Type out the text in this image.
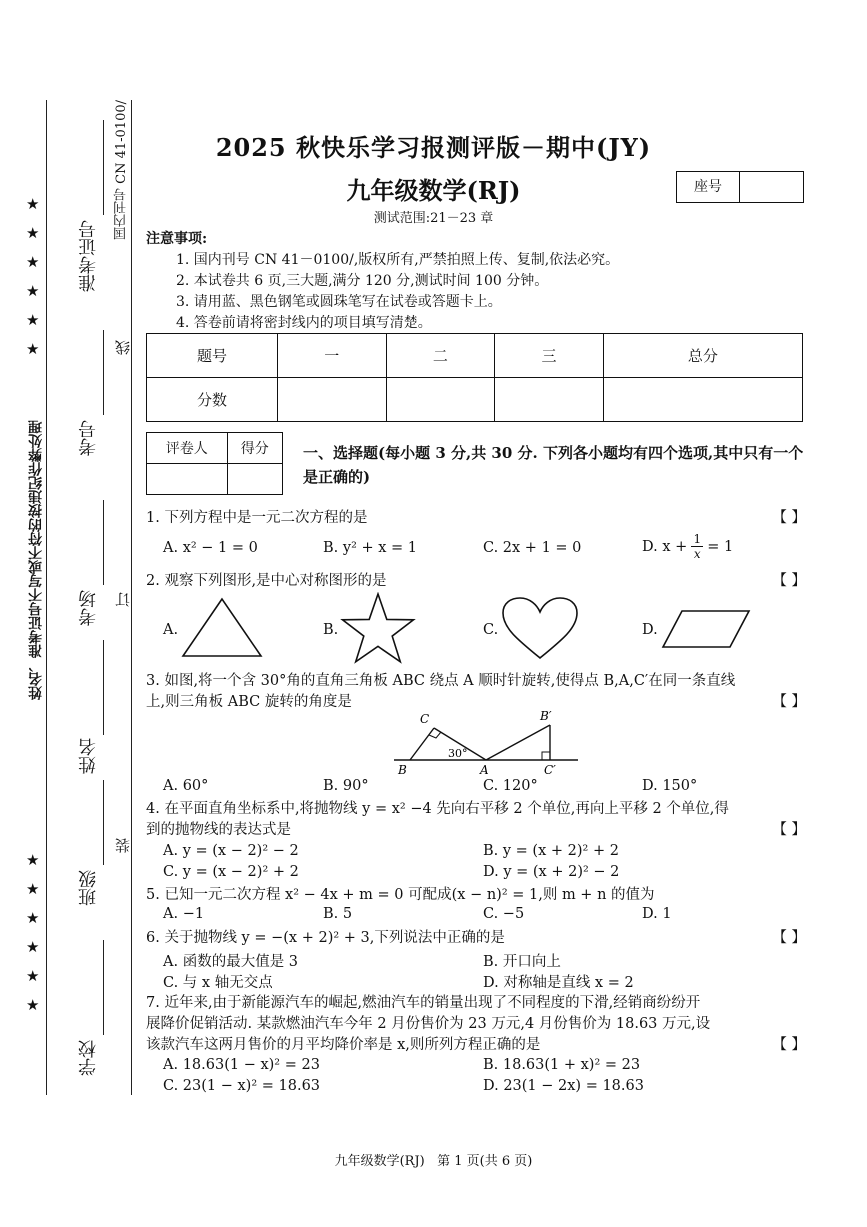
国内刊号 CN 41-0100/
线
订
装
姓名、准考证号不写或不符的按违纪作弊处理
★
★
★
★
★
★
★
★
★
★
★
★
准考证号
考号
考场
姓名
班级
学校
2025 秋快乐学习报测评版－期中(JY)
九年级数学(RJ)
测试范围:21－23 章
座号
注意事项:
1. 国内刊号 CN 41－0100/,版权所有,严禁拍照上传、复制,依法必究。
2. 本试卷共 6 页,三大题,满分 120 分,测试时间 100 分钟。
3. 请用蓝、黑色钢笔或圆珠笔写在试卷或答题卡上。
4. 答卷前请将密封线内的项目填写清楚。
题号	一	二	三	总分
分数				
评卷人	得分
	一、选择题(每小题 3 分,共 30 分. 下列各小题均有四个选项,其中只有一个是正确的)
1. 下列方程中是一元二次方程的是	【 】
A. x² − 1 = 0	B. y² + x = 1	C. 2x + 1 = 0	D. x + 1
x = 1
2. 观察下列图形,是中心对称图形的是	【 】
A.	B.	C.	D.
3. 如图,将一个含 30°角的直角三角板 ABC 绕点 A 顺时针旋转,使得点 B,A,C′在同一条直线
上,则三角板 ABC 旋转的角度是	【 】
C
B	A
B′
C′
30°
A. 60°	B. 90°	C. 120°	D. 150°
4. 在平面直角坐标系中,将抛物线 y = x² −4 先向右平移 2 个单位,再向上平移 2 个单位,得
到的抛物线的表达式是	【 】
A. y = (x − 2)² − 2	B. y = (x + 2)² + 2
C. y = (x − 2)² + 2	D. y = (x + 2)² − 2
5. 已知一元二次方程 x² − 4x + m = 0 可配成(x − n)² = 1,则 m + n 的值为
A. −1	B. 5	C. −5	D. 1
6. 关于抛物线 y = −(x + 2)² + 3,下列说法中正确的是	【 】
A. 函数的最大值是 3	B. 开口向上
C. 与 x 轴无交点	D. 对称轴是直线 x = 2
7. 近年来,由于新能源汽车的崛起,燃油汽车的销量出现了不同程度的下滑,经销商纷纷开
展降价促销活动. 某款燃油汽车今年 2 月份售价为 23 万元,4 月份售价为 18.63 万元,设
该款汽车这两月售价的月平均降价率是 x,则所列方程正确的是	【 】
A. 18.63(1 − x)² = 23	B. 18.63(1 + x)² = 23
C. 23(1 − x)² = 18.63	D. 23(1 − 2x) = 18.63
九年级数学(RJ)   第 1 页(共 6 页)
